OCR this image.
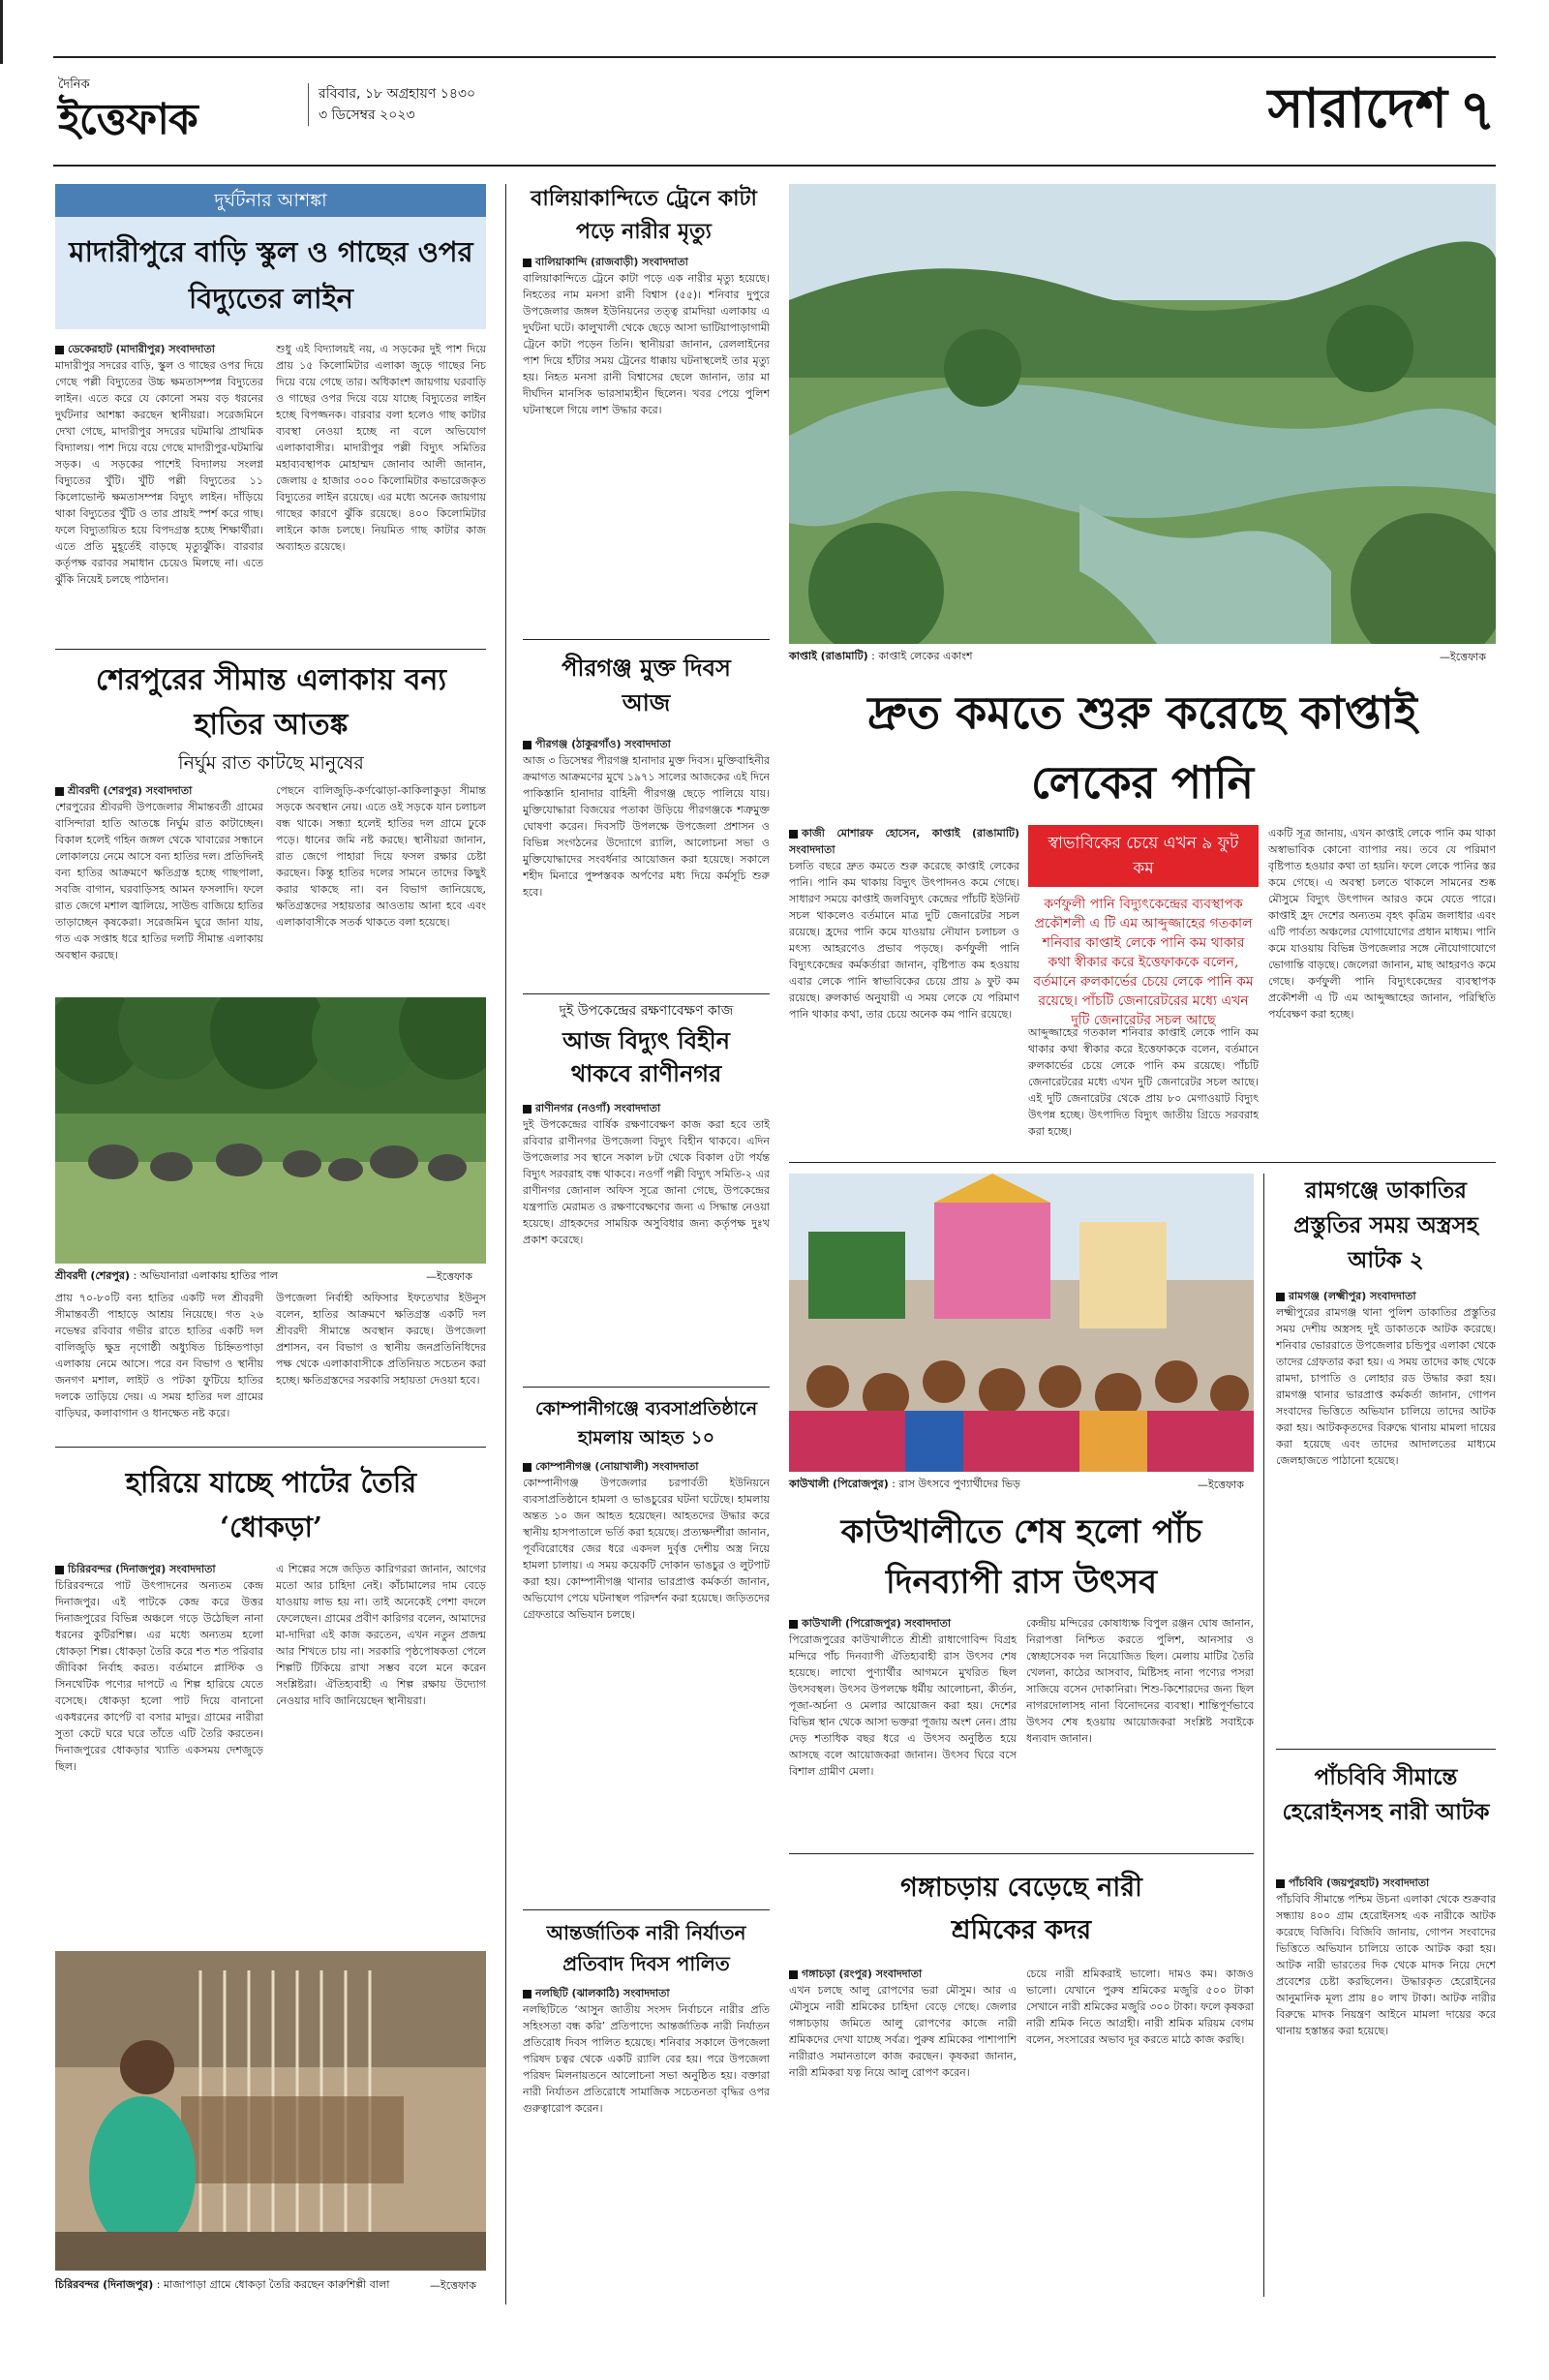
দৈনিক
ইত্তেফাক
রবিবার, ১৮ অগ্রহায়ণ ১৪৩০
৩ ডিসেম্বর ২০২৩	সারাদেশ ৭
দুর্ঘটনার আশঙ্কা
মাদারীপুরে বাড়ি স্কুল ও গাছের ওপর বিদ্যুতের লাইন
ডেকেরহাট (মাদারীপুর) সংবাদদাতা
মাদারীপুর সদরের বাড়ি, স্কুল ও গাছের ওপর দিয়ে গেছে পল্লী বিদ্যুতের উচ্চ ক্ষমতাসম্পন্ন বিদ্যুতের লাইন। এতে করে যে কোনো সময় বড় ধরনের দুর্ঘটনার আশঙ্কা করছেন স্থানীয়রা। সরেজমিনে দেখা গেছে, মাদারীপুর সদরের ঘটমাঝি প্রাথমিক বিদ্যালয়। পাশ দিয়ে বয়ে গেছে মাদারীপুর-ঘটমাঝি সড়ক। এ সড়কের পাশেই বিদ্যালয় সংলগ্ন বিদ্যুতের খুঁটি। খুঁটি পল্লী বিদ্যুতের ১১ কিলোভোল্ট ক্ষমতাসম্পন্ন বিদ্যুৎ লাইন। দাঁড়িয়ে থাকা বিদ্যুতের খুঁটি ও তার প্রায়ই স্পর্শ করে গাছ। ফলে বিদ্যুতায়িত হয়ে বিপদগ্রস্ত হচ্ছে শিক্ষার্থীরা। এতে প্রতি মুহূর্তেই বাড়ছে মৃত্যুঝুঁকি। বারবার কর্তৃপক্ষ বরাবর সমাধান চেয়েও মিলছে না। এতে ঝুঁকি নিয়েই চলছে পাঠদান।
শুধু এই বিদ্যালয়ই নয়, এ সড়কের দুই পাশ দিয়ে প্রায় ১৫ কিলোমিটার এলাকা জুড়ে গাছের নিচ দিয়ে বয়ে গেছে তার। অধিকাংশ জায়গায় ঘরবাড়ি ও গাছের ওপর দিয়ে বয়ে যাচ্ছে বিদ্যুতের লাইন হচ্ছে বিপজ্জনক। বারবার বলা হলেও গাছ কাটার ব্যবস্থা নেওয়া হচ্ছে না বলে অভিযোগ এলাকাবাসীর। মাদারীপুর পল্লী বিদ্যুৎ সমিতির মহাব্যবস্থাপক মোহাম্মদ জোনাব আলী জানান, জেলায় ৫ হাজার ৩০০ কিলোমিটার কভারেজকৃত বিদ্যুতের লাইন রয়েছে। এর মধ্যে অনেক জায়গায় গাছের কারণে ঝুঁকি রয়েছে। ৪০০ কিলোমিটার লাইনে কাজ চলছে। নিয়মিত গাছ কাটার কাজ অব্যাহত রয়েছে।
শেরপুরের সীমান্ত এলাকায় বন্য হাতির আতঙ্ক
নির্ঘুম রাত কাটছে মানুষের
শ্রীবরদী (শেরপুর) সংবাদদাতা
শেরপুরের শ্রীবরদী উপজেলার সীমান্তবর্তী গ্রামের বাসিন্দারা হাতি আতঙ্কে নির্ঘুম রাত কাটাচ্ছেন। বিকাল হলেই গহিন জঙ্গল থেকে খাবারের সন্ধানে লোকালয়ে নেমে আসে বন্য হাতির দল। প্রতিদিনই বন্য হাতির আক্রমণে ক্ষতিগ্রস্ত হচ্ছে গাছপালা, সবজি বাগান, ঘরবাড়িসহ আমন ফসলাদি। ফলে রাত জেগে মশাল জ্বালিয়ে, সাউন্ড বাজিয়ে হাতির তাড়াচ্ছেন কৃষকেরা। সরেজমিন ঘুরে জানা যায়, গত এক সপ্তাহ ধরে হাতির দলটি সীমান্ত এলাকায় অবস্থান করছে।
পেছনে বালিজুড়ি-কর্ণঝোড়া-কাকিলাকুড়া সীমান্ত সড়কে অবস্থান নেয়। এতে ওই সড়কে যান চলাচল বন্ধ থাকে। সন্ধ্যা হলেই হাতির দল গ্রামে ঢুকে পড়ে। ধানের জমি নষ্ট করছে। স্থানীয়রা জানান, রাত জেগে পাহারা দিয়ে ফসল রক্ষার চেষ্টা করছেন। কিন্তু হাতির দলের সামনে তাদের কিছুই করার থাকছে না। বন বিভাগ জানিয়েছে, ক্ষতিগ্রস্তদের সহায়তার আওতায় আনা হবে এবং এলাকাবাসীকে সতর্ক থাকতে বলা হয়েছে।
শ্রীবরদী (শেরপুর) : অভিযানারা এলাকায় হাতির পাল	—ইত্তেফাক
প্রায় ৭০-৮০টি বন্য হাতির একটি দল শ্রীবরদী সীমান্তবর্তী পাহাড়ে আশ্রয় নিয়েছে। গত ২৬ নভেম্বর রবিবার গভীর রাতে হাতির একটি দল বালিজুড়ি ক্ষুদ্র নৃগোষ্ঠী অধ্যুষিত চিহ্নিতপাড়া এলাকায় নেমে আসে। পরে বন বিভাগ ও স্থানীয় জনগণ মশাল, লাইট ও পটকা ফুটিয়ে হাতির দলকে তাড়িয়ে দেয়। এ সময় হাতির দল গ্রামের বাড়িঘর, কলাবাগান ও ধানক্ষেত নষ্ট করে।
উপজেলা নির্বাহী অফিসার ইফতেখার ইউনুস বলেন, হাতির আক্রমণে ক্ষতিগ্রস্ত একটি দল শ্রীবরদী সীমান্তে অবস্থান করছে। উপজেলা প্রশাসন, বন বিভাগ ও স্থানীয় জনপ্রতিনিধিদের পক্ষ থেকে এলাকাবাসীকে প্রতিনিয়ত সচেতন করা হচ্ছে। ক্ষতিগ্রস্তদের সরকারি সহায়তা দেওয়া হবে।
হারিয়ে যাচ্ছে পাটের তৈরি ‘ধোকড়া’
চিরিরবন্দর (দিনাজপুর) সংবাদদাতা
চিরিরবন্দরে পাট উৎপাদনের অন্যতম কেন্দ্র দিনাজপুর। এই পাটকে কেন্দ্র করে উত্তর দিনাজপুরের বিভিন্ন অঞ্চলে গড়ে উঠেছিল নানা ধরনের কুটিরশিল্প। এর মধ্যে অন্যতম হলো ধোকড়া শিল্প। ধোকড়া তৈরি করে শত শত পরিবার জীবিকা নির্বাহ করত। বর্তমানে প্লাস্টিক ও সিনথেটিক পণ্যের দাপটে এ শিল্প হারিয়ে যেতে বসেছে। ধোকড়া হলো পাট দিয়ে বানানো একধরনের কার্পেট বা বসার মাদুর। গ্রামের নারীরা সুতা কেটে ঘরে ঘরে তাঁতে এটি তৈরি করতেন। দিনাজপুরের ধোকড়ার খ্যাতি একসময় দেশজুড়ে ছিল।
এ শিল্পের সঙ্গে জড়িত কারিগররা জানান, আগের মতো আর চাহিদা নেই। কাঁচামালের দাম বেড়ে যাওয়ায় লাভ হয় না। তাই অনেকেই পেশা বদলে ফেলেছেন। গ্রামের প্রবীণ কারিগর বলেন, আমাদের মা-দাদিরা এই কাজ করতেন, এখন নতুন প্রজন্ম আর শিখতে চায় না। সরকারি পৃষ্ঠপোষকতা পেলে শিল্পটি টিকিয়ে রাখা সম্ভব বলে মনে করেন সংশ্লিষ্টরা। ঐতিহ্যবাহী এ শিল্প রক্ষায় উদ্যোগ নেওয়ার দাবি জানিয়েছেন স্থানীয়রা।
চিরিরবন্দর (দিনাজপুর) : মাজাপাড়া গ্রামে ধোকড়া তৈরি করছেন কারুশিল্পী বালা	—ইত্তেফাক
বালিয়াকান্দিতে ট্রেনে কাটা পড়ে নারীর মৃত্যু
বালিয়াকান্দি (রাজবাড়ী) সংবাদদাতা
বালিয়াকান্দিতে ট্রেনে কাটা পড়ে এক নারীর মৃত্যু হয়েছে। নিহতের নাম মনসা রানী বিশ্বাস (৫৫)। শনিবার দুপুরে উপজেলার জঙ্গল ইউনিয়নের তত্ত্ব রামদিয়া এলাকায় এ দুর্ঘটনা ঘটে। কালুখালী থেকে ছেড়ে আসা ভাটিয়াপাড়াগামী ট্রেনে কাটা পড়েন তিনি। স্থানীয়রা জানান, রেললাইনের পাশ দিয়ে হাঁটার সময় ট্রেনের ধাক্কায় ঘটনাস্থলেই তার মৃত্যু হয়। নিহত মনসা রানী বিশ্বাসের ছেলে জানান, তার মা দীর্ঘদিন মানসিক ভারসাম্যহীন ছিলেন। খবর পেয়ে পুলিশ ঘটনাস্থলে গিয়ে লাশ উদ্ধার করে।
পীরগঞ্জ মুক্ত দিবস আজ
পীরগঞ্জ (ঠাকুরগাঁও) সংবাদদাতা
আজ ৩ ডিসেম্বর পীরগঞ্জ হানাদার মুক্ত দিবস। মুক্তিবাহিনীর ক্রমাগত আক্রমণের মুখে ১৯৭১ সালের আজকের এই দিনে পাকিস্তানি হানাদার বাহিনী পীরগঞ্জ ছেড়ে পালিয়ে যায়। মুক্তিযোদ্ধারা বিজয়ের পতাকা উড়িয়ে পীরগঞ্জকে শত্রুমুক্ত ঘোষণা করেন। দিবসটি উপলক্ষে উপজেলা প্রশাসন ও বিভিন্ন সংগঠনের উদ্যোগে র‍্যালি, আলোচনা সভা ও মুক্তিযোদ্ধাদের সংবর্ধনার আয়োজন করা হয়েছে। সকালে শহীদ মিনারে পুষ্পস্তবক অর্পণের মধ্য দিয়ে কর্মসূচি শুরু হবে।
দুই উপকেন্দ্রের রক্ষণাবেক্ষণ কাজ
আজ বিদ্যুৎ বিহীন থাকবে রাণীনগর
রাণীনগর (নওগাঁ) সংবাদদাতা
দুই উপকেন্দ্রের বার্ষিক রক্ষণাবেক্ষণ কাজ করা হবে তাই রবিবার রাণীনগর উপজেলা বিদ্যুৎ বিহীন থাকবে। এদিন উপজেলার সব স্থানে সকাল ৮টা থেকে বিকাল ৫টা পর্যন্ত বিদ্যুৎ সরবরাহ বন্ধ থাকবে। নওগাঁ পল্লী বিদ্যুৎ সমিতি-২ এর রাণীনগর জোনাল অফিস সূত্রে জানা গেছে, উপকেন্দ্রের যন্ত্রপাতি মেরামত ও রক্ষণাবেক্ষণের জন্য এ সিদ্ধান্ত নেওয়া হয়েছে। গ্রাহকদের সাময়িক অসুবিধার জন্য কর্তৃপক্ষ দুঃখ প্রকাশ করেছে।
কোম্পানীগঞ্জে ব্যবসাপ্রতিষ্ঠানে হামলায় আহত ১০
কোম্পানীগঞ্জ (নোয়াখালী) সংবাদদাতা
কোম্পানীগঞ্জ উপজেলার চরপার্বতী ইউনিয়নে ব্যবসাপ্রতিষ্ঠানে হামলা ও ভাঙচুরের ঘটনা ঘটেছে। হামলায় অন্তত ১০ জন আহত হয়েছেন। আহতদের উদ্ধার করে স্থানীয় হাসপাতালে ভর্তি করা হয়েছে। প্রত্যক্ষদর্শীরা জানান, পূর্ববিরোধের জের ধরে একদল দুর্বৃত্ত দেশীয় অস্ত্র নিয়ে হামলা চালায়। এ সময় কয়েকটি দোকান ভাঙচুর ও লুটপাট করা হয়। কোম্পানীগঞ্জ থানার ভারপ্রাপ্ত কর্মকর্তা জানান, অভিযোগ পেয়ে ঘটনাস্থল পরিদর্শন করা হয়েছে। জড়িতদের গ্রেফতারে অভিযান চলছে।
আন্তর্জাতিক নারী নির্যাতন প্রতিবাদ দিবস পালিত
নলছিটি (ঝালকাঠি) সংবাদদাতা
নলছিটিতে ‘আসুন জাতীয় সংসদ নির্বাচনে নারীর প্রতি সহিংসতা বন্ধ করি’ প্রতিপাদ্যে আন্তর্জাতিক নারী নির্যাতন প্রতিরোধ দিবস পালিত হয়েছে। শনিবার সকালে উপজেলা পরিষদ চত্বর থেকে একটি র‍্যালি বের হয়। পরে উপজেলা পরিষদ মিলনায়তনে আলোচনা সভা অনুষ্ঠিত হয়। বক্তারা নারী নির্যাতন প্রতিরোধে সামাজিক সচেতনতা বৃদ্ধির ওপর গুরুত্বারোপ করেন।
কাপ্তাই (রাঙামাটি) : কাপ্তাই লেকের একাংশ	—ইত্তেফাক
দ্রুত কমতে শুরু করেছে কাপ্তাই লেকের পানি
কাজী মোশারফ হোসেন, কাপ্তাই (রাঙামাটি) সংবাদদাতা
চলতি বছরে দ্রুত কমতে শুরু করেছে কাপ্তাই লেকের পানি। পানি কম থাকায় বিদ্যুৎ উৎপাদনও কমে গেছে। সাধারণ সময়ে কাপ্তাই জলবিদ্যুৎ কেন্দ্রের পাঁচটি ইউনিট সচল থাকলেও বর্তমানে মাত্র দুটি জেনারেটর সচল রয়েছে। হ্রদের পানি কমে যাওয়ায় নৌযান চলাচল ও মৎস্য আহরণেও প্রভাব পড়ছে। কর্ণফুলী পানি বিদ্যুৎকেন্দ্রের কর্মকর্তারা জানান, বৃষ্টিপাত কম হওয়ায় এবার লেকে পানি স্বাভাবিকের চেয়ে প্রায় ৯ ফুট কম রয়েছে। রুলকার্ভ অনুযায়ী এ সময় লেকে যে পরিমাণ পানি থাকার কথা, তার চেয়ে অনেক কম পানি রয়েছে।
স্বাভাবিকের চেয়ে এখন ৯ ফুট কম
কর্ণফুলী পানি বিদ্যুৎকেন্দ্রের ব্যবস্থাপক প্রকৌশলী এ টি এম আব্দুজ্জাহের গতকাল শনিবার কাপ্তাই লেকে পানি কম থাকার কথা স্বীকার করে ইত্তেফাককে বলেন, বর্তমানে রুলকার্ভের চেয়ে লেকে পানি কম রয়েছে। পাঁচটি জেনারেটরের মধ্যে এখন দুটি জেনারেটর সচল আছে
আব্দুজ্জাহের গতকাল শনিবার কাপ্তাই লেকে পানি কম থাকার কথা স্বীকার করে ইত্তেফাককে বলেন, বর্তমানে রুলকার্ভের চেয়ে লেকে পানি কম রয়েছে। পাঁচটি জেনারেটরের মধ্যে এখন দুটি জেনারেটর সচল আছে। এই দুটি জেনারেটর থেকে প্রায় ৮০ মেগাওয়াট বিদ্যুৎ উৎপন্ন হচ্ছে। উৎপাদিত বিদ্যুৎ জাতীয় গ্রিডে সরবরাহ করা হচ্ছে।
একটি সূত্র জানায়, এখন কাপ্তাই লেকে পানি কম থাকা অস্বাভাবিক কোনো ব্যাপার নয়। তবে যে পরিমাণ বৃষ্টিপাত হওয়ার কথা তা হয়নি। ফলে লেকে পানির স্তর কমে গেছে। এ অবস্থা চলতে থাকলে সামনের শুষ্ক মৌসুমে বিদ্যুৎ উৎপাদন আরও কমে যেতে পারে। কাপ্তাই হ্রদ দেশের অন্যতম বৃহৎ কৃত্রিম জলাধার এবং এটি পার্বত্য অঞ্চলের যোগাযোগের প্রধান মাধ্যম। পানি কমে যাওয়ায় বিভিন্ন উপজেলার সঙ্গে নৌযোগাযোগে ভোগান্তি বাড়ছে। জেলেরা জানান, মাছ আহরণও কমে গেছে। কর্ণফুলী পানি বিদ্যুৎকেন্দ্রের ব্যবস্থাপক প্রকৌশলী এ টি এম আব্দুজ্জাহের জানান, পরিস্থিতি পর্যবেক্ষণ করা হচ্ছে।
কাউখালী (পিরোজপুর) : রাস উৎসবে পুণ্যার্থীদের ভিড়	—ইত্তেফাক
কাউখালীতে শেষ হলো পাঁচ দিনব্যাপী রাস উৎসব
কাউখালী (পিরোজপুর) সংবাদদাতা
পিরোজপুরের কাউখালীতে শ্রীশ্রী রাধাগোবিন্দ বিগ্রহ মন্দিরে পাঁচ দিনব্যাপী ঐতিহ্যবাহী রাস উৎসব শেষ হয়েছে। লাখো পুণ্যার্থীর আগমনে মুখরিত ছিল উৎসবস্থল। উৎসব উপলক্ষে ধর্মীয় আলোচনা, কীর্তন, পূজা-অর্চনা ও মেলার আয়োজন করা হয়। দেশের বিভিন্ন স্থান থেকে আসা ভক্তরা পূজায় অংশ নেন। প্রায় দেড় শতাধিক বছর ধরে এ উৎসব অনুষ্ঠিত হয়ে আসছে বলে আয়োজকরা জানান। উৎসব ঘিরে বসে বিশাল গ্রামীণ মেলা।
কেন্দ্রীয় মন্দিরের কোষাধ্যক্ষ বিপুল রঞ্জন ঘোষ জানান, নিরাপত্তা নিশ্চিত করতে পুলিশ, আনসার ও স্বেচ্ছাসেবক দল নিয়োজিত ছিল। মেলায় মাটির তৈরি খেলনা, কাঠের আসবাব, মিষ্টিসহ নানা পণ্যের পসরা সাজিয়ে বসেন দোকানিরা। শিশু-কিশোরদের জন্য ছিল নাগরদোলাসহ নানা বিনোদনের ব্যবস্থা। শান্তিপূর্ণভাবে উৎসব শেষ হওয়ায় আয়োজকরা সংশ্লিষ্ট সবাইকে ধন্যবাদ জানান।
গঙ্গাচড়ায় বেড়েছে নারী শ্রমিকের কদর
গঙ্গাচড়া (রংপুর) সংবাদদাতা
এখন চলছে আলু রোপণের ভরা মৌসুম। আর এ মৌসুমে নারী শ্রমিকের চাহিদা বেড়ে গেছে। জেলার গঙ্গাচড়ায় জমিতে আলু রোপণের কাজে নারী শ্রমিকদের দেখা যাচ্ছে সর্বত্র। পুরুষ শ্রমিকের পাশাপাশি নারীরাও সমানতালে কাজ করছেন। কৃষকরা জানান, নারী শ্রমিকরা যত্ন নিয়ে আলু রোপণ করেন।
চেয়ে নারী শ্রমিকরাই ভালো। দামও কম। কাজও ভালো। যেখানে পুরুষ শ্রমিকের মজুরি ৫০০ টাকা সেখানে নারী শ্রমিকের মজুরি ৩০০ টাকা। ফলে কৃষকরা নারী শ্রমিক নিতে আগ্রহী। নারী শ্রমিক মরিয়ম বেগম বলেন, সংসারের অভাব দূর করতে মাঠে কাজ করছি।
রামগঞ্জে ডাকাতির প্রস্তুতির সময় অস্ত্রসহ আটক ২
রামগঞ্জ (লক্ষ্মীপুর) সংবাদদাতা
লক্ষ্মীপুরের রামগঞ্জ থানা পুলিশ ডাকাতির প্রস্তুতির সময় দেশীয় অস্ত্রসহ দুই ডাকাতকে আটক করেছে। শনিবার ভোররাতে উপজেলার চন্ডিপুর এলাকা থেকে তাদের গ্রেফতার করা হয়। এ সময় তাদের কাছ থেকে রামদা, চাপাতি ও লোহার রড উদ্ধার করা হয়। রামগঞ্জ থানার ভারপ্রাপ্ত কর্মকর্তা জানান, গোপন সংবাদের ভিত্তিতে অভিযান চালিয়ে তাদের আটক করা হয়। আটককৃতদের বিরুদ্ধে থানায় মামলা দায়ের করা হয়েছে এবং তাদের আদালতের মাধ্যমে জেলহাজতে পাঠানো হয়েছে।
পাঁচবিবি সীমান্তে হেরোইনসহ নারী আটক
পাঁচবিবি (জয়পুরহাট) সংবাদদাতা
পাঁচবিবি সীমান্তে পশ্চিম উচনা এলাকা থেকে শুক্রবার সন্ধ্যায় ৪০০ গ্রাম হেরোইনসহ এক নারীকে আটক করেছে বিজিবি। বিজিবি জানায়, গোপন সংবাদের ভিত্তিতে অভিযান চালিয়ে তাকে আটক করা হয়। আটক নারী ভারতের দিক থেকে মাদক নিয়ে দেশে প্রবেশের চেষ্টা করছিলেন। উদ্ধারকৃত হেরোইনের আনুমানিক মূল্য প্রায় ৪০ লাখ টাকা। আটক নারীর বিরুদ্ধে মাদক নিয়ন্ত্রণ আইনে মামলা দায়ের করে থানায় হস্তান্তর করা হয়েছে।
